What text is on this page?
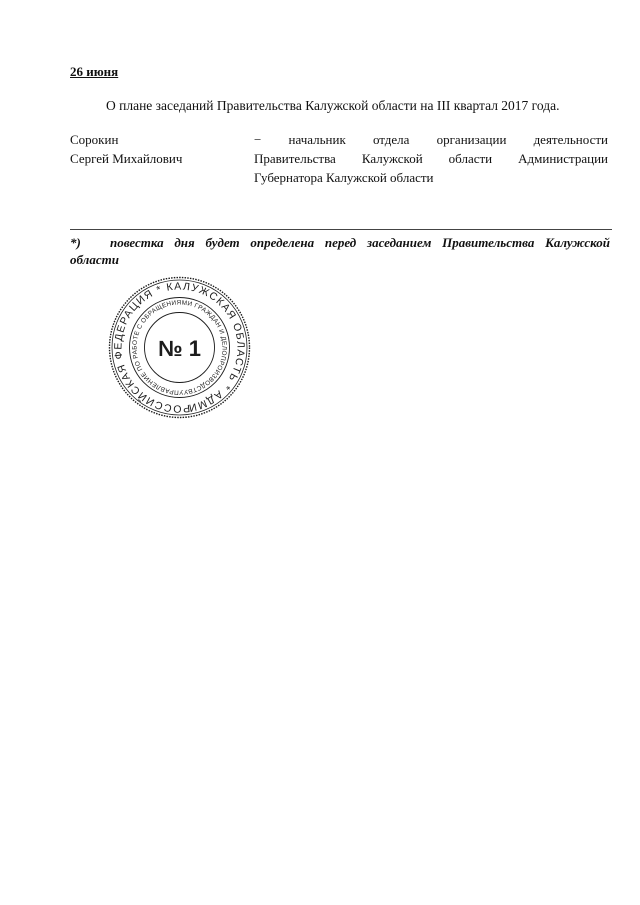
26 июня
О плане заседаний Правительства Калужской области на III квартал 2017 года.
Сорокин
Сергей Михайлович
− начальник отдела организации деятельности
Правительства Калужской области Администрации
Губернатора Калужской области
*)	повестка дня будет определена перед заседанием Правительства Калужской
области
РОССИЙСКАЯ ФЕДЕРАЦИЯ * КАЛУЖСКАЯ ОБЛАСТЬ * АДМИНИСТРАЦИЯ
УПРАВЛЕНИЕ ПО РАБОТЕ С ОБРАЩЕНИЯМИ ГРАЖДАН И ДЕЛОПРОИЗВОДСТВУ
№ 1
